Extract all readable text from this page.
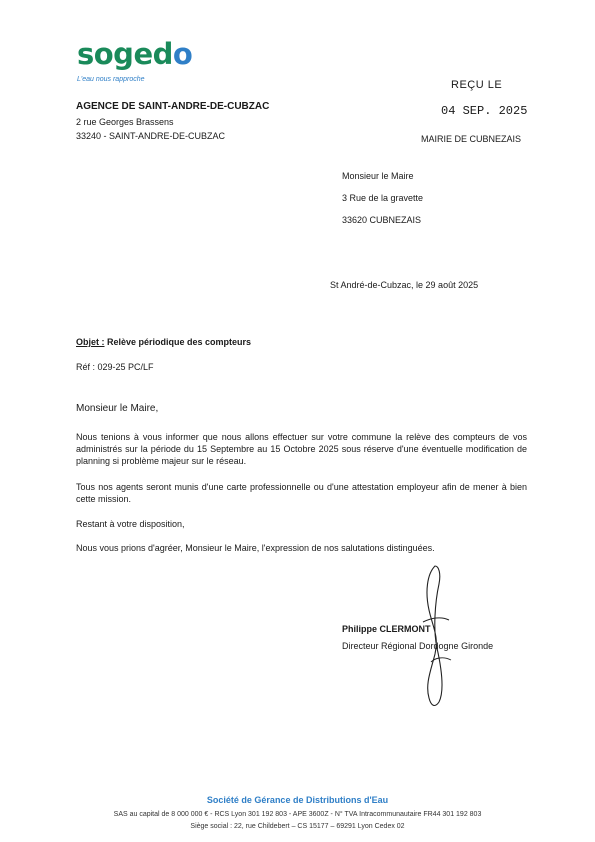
sogedo
L'eau nous rapproche
AGENCE DE SAINT-ANDRE-DE-CUBZAC
2 rue Georges Brassens
33240 - SAINT-ANDRE-DE-CUBZAC
REÇU LE
04 SEP. 2025
MAIRIE DE CUBNEZAIS
Monsieur le Maire
3 Rue de la gravette
33620 CUBNEZAIS
St André-de-Cubzac, le 29 août 2025
Objet : Relève périodique des compteurs
Réf : 029-25 PC/LF
Monsieur le Maire,
Nous tenions à vous informer que nous allons effectuer sur votre commune la relève des compteurs de vos administrés sur la période du 15 Septembre au 15 Octobre 2025 sous réserve d'une éventuelle modification de planning si problème majeur sur le réseau.
Tous nos agents seront munis d'une carte professionnelle ou d'une attestation employeur afin de mener à bien cette mission.
Restant à votre disposition,
Nous vous prions d'agréer, Monsieur le Maire, l'expression de nos salutations distinguées.
Philippe CLERMONT
Directeur Régional Dordogne Gironde
Société de Gérance de Distributions d'Eau
SAS au capital de 8 000 000 € - RCS Lyon 301 192 803 - APE 3600Z - N° TVA Intracommunautaire FR44 301 192 803
Siège social : 22, rue Childebert – CS 15177 – 69291 Lyon Cedex 02
